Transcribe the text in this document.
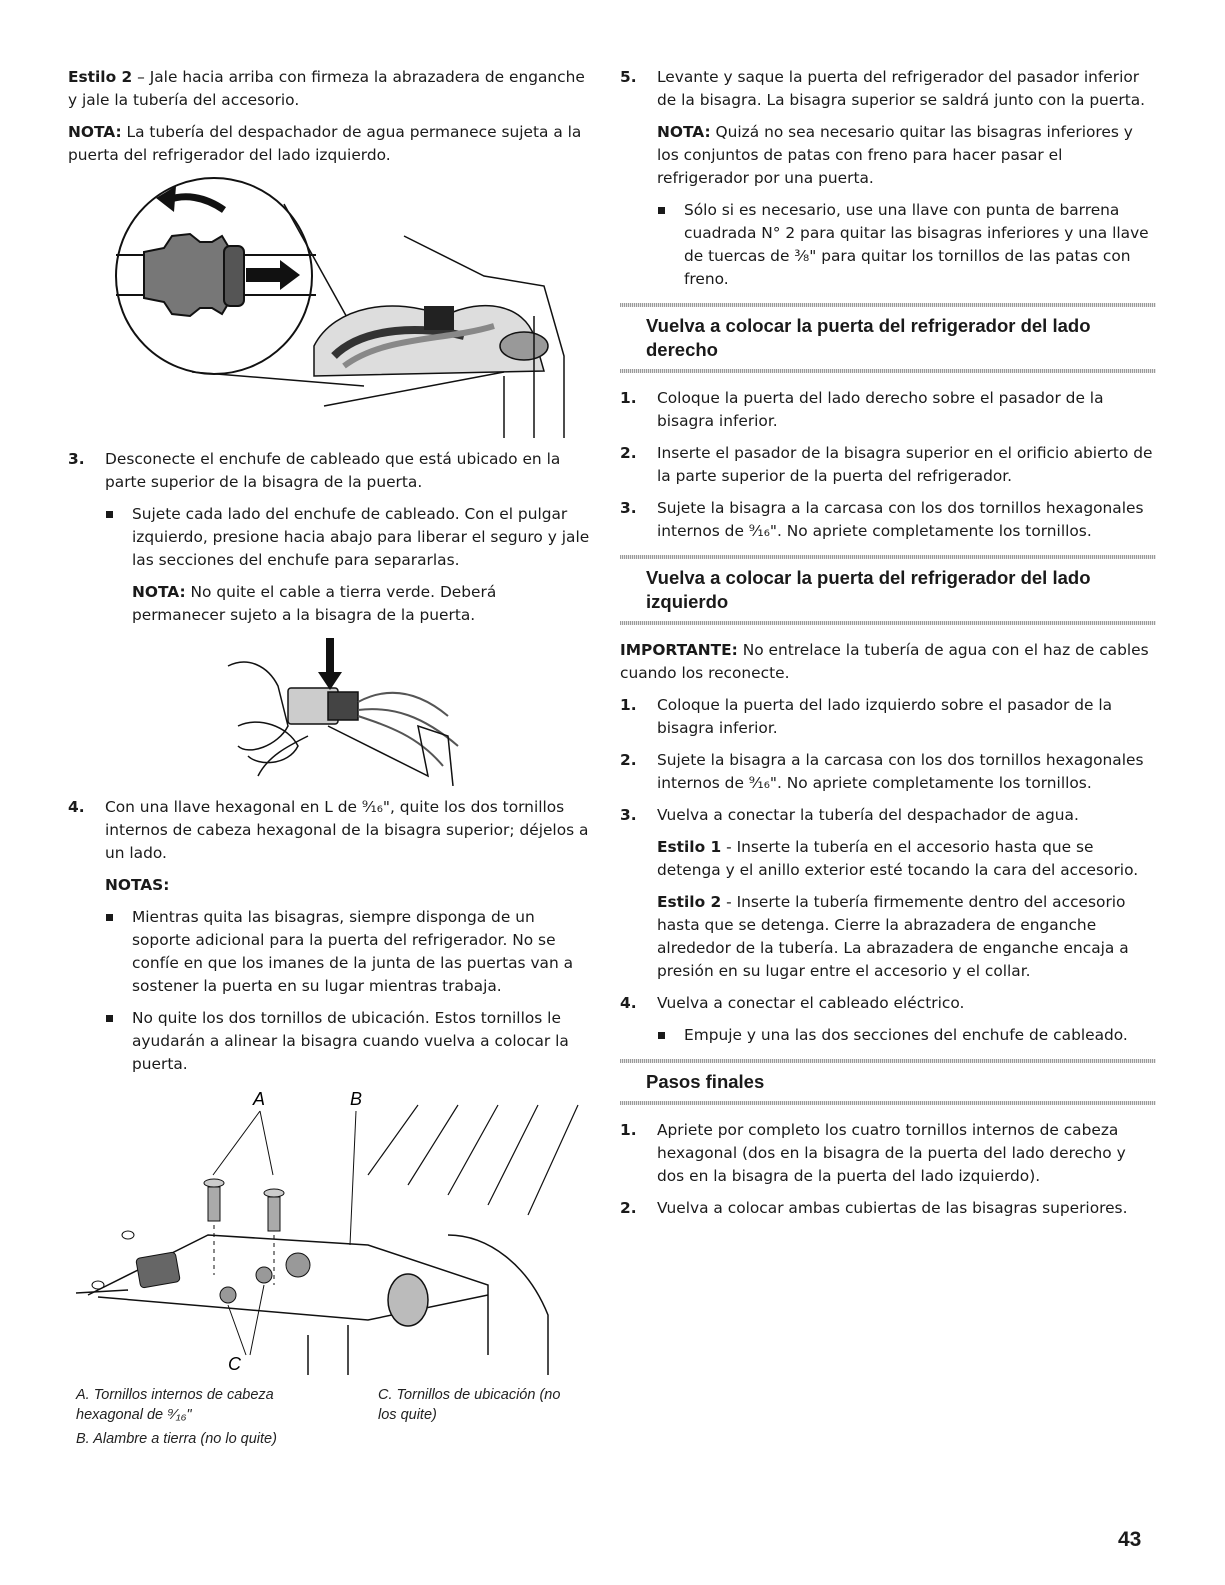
Estilo 2 – Jale hacia arriba con firmeza la abrazadera de enganche y jale la tubería del accesorio.

NOTA: La tubería del despachador de agua permanece sujeta a la puerta del refrigerador del lado izquierdo.

3. Desconecte el enchufe de cableado que está ubicado en la parte superior de la bisagra de la puerta.
Sujete cada lado del enchufe de cableado. Con el pulgar izquierdo, presione hacia abajo para liberar el seguro y jale las secciones del enchufe para separarlas.

NOTA: No quite el cable a tierra verde. Deberá permanecer sujeto a la bisagra de la puerta.

4. Con una llave hexagonal en L de ⁹⁄₁₆", quite los dos tornillos internos de cabeza hexagonal de la bisagra superior; déjelos a un lado.

NOTAS:

Mientras quita las bisagras, siempre disponga de un soporte adicional para la puerta del refrigerador. No se confíe en que los imanes de la junta de las puertas van a sostener la puerta en su lugar mientras trabaja.
No quite los dos tornillos de ubicación. Estos tornillos le ayudarán a alinear la bisagra cuando vuelva a colocar la puerta.
A	B
C
A. Tornillos internos de cabeza hexagonal de ⁹⁄₁₆"
C. Tornillos de ubicación (no los quite)
B. Alambre a tierra (no lo quite)
5. Levante y saque la puerta del refrigerador del pasador inferior de la bisagra. La bisagra superior se saldrá junto con la puerta.

NOTA: Quizá no sea necesario quitar las bisagras inferiores y los conjuntos de patas con freno para hacer pasar el refrigerador por una puerta.

Sólo si es necesario, use una llave con punta de barrena cuadrada N° 2 para quitar las bisagras inferiores y una llave de tuercas de ³⁄₈" para quitar los tornillos de las patas con freno.
Vuelva a colocar la puerta del refrigerador del lado derecho
1. Coloque la puerta del lado derecho sobre el pasador de la bisagra inferior.
2. Inserte el pasador de la bisagra superior en el orificio abierto de la parte superior de la puerta del refrigerador.
3. Sujete la bisagra a la carcasa con los dos tornillos hexagonales internos de ⁹⁄₁₆". No apriete completamente los tornillos.
Vuelva a colocar la puerta del refrigerador del lado izquierdo

IMPORTANTE: No entrelace la tubería de agua con el haz de cables cuando los reconecte.

1. Coloque la puerta del lado izquierdo sobre el pasador de la bisagra inferior.
2. Sujete la bisagra a la carcasa con los dos tornillos hexagonales internos de ⁹⁄₁₆". No apriete completamente los tornillos.
3. Vuelva a conectar la tubería del despachador de agua.

Estilo 1 - Inserte la tubería en el accesorio hasta que se detenga y el anillo exterior esté tocando la cara del accesorio.

Estilo 2 - Inserte la tubería firmemente dentro del accesorio hasta que se detenga. Cierre la abrazadera de enganche alrededor de la tubería. La abrazadera de enganche encaja a presión en su lugar entre el accesorio y el collar.

4. Vuelva a conectar el cableado eléctrico.
Empuje y una las dos secciones del enchufe de cableado.
Pasos finales
1. Apriete por completo los cuatro tornillos internos de cabeza hexagonal (dos en la bisagra de la puerta del lado derecho y dos en la bisagra de la puerta del lado izquierdo).
2. Vuelva a colocar ambas cubiertas de las bisagras superiores.
43
